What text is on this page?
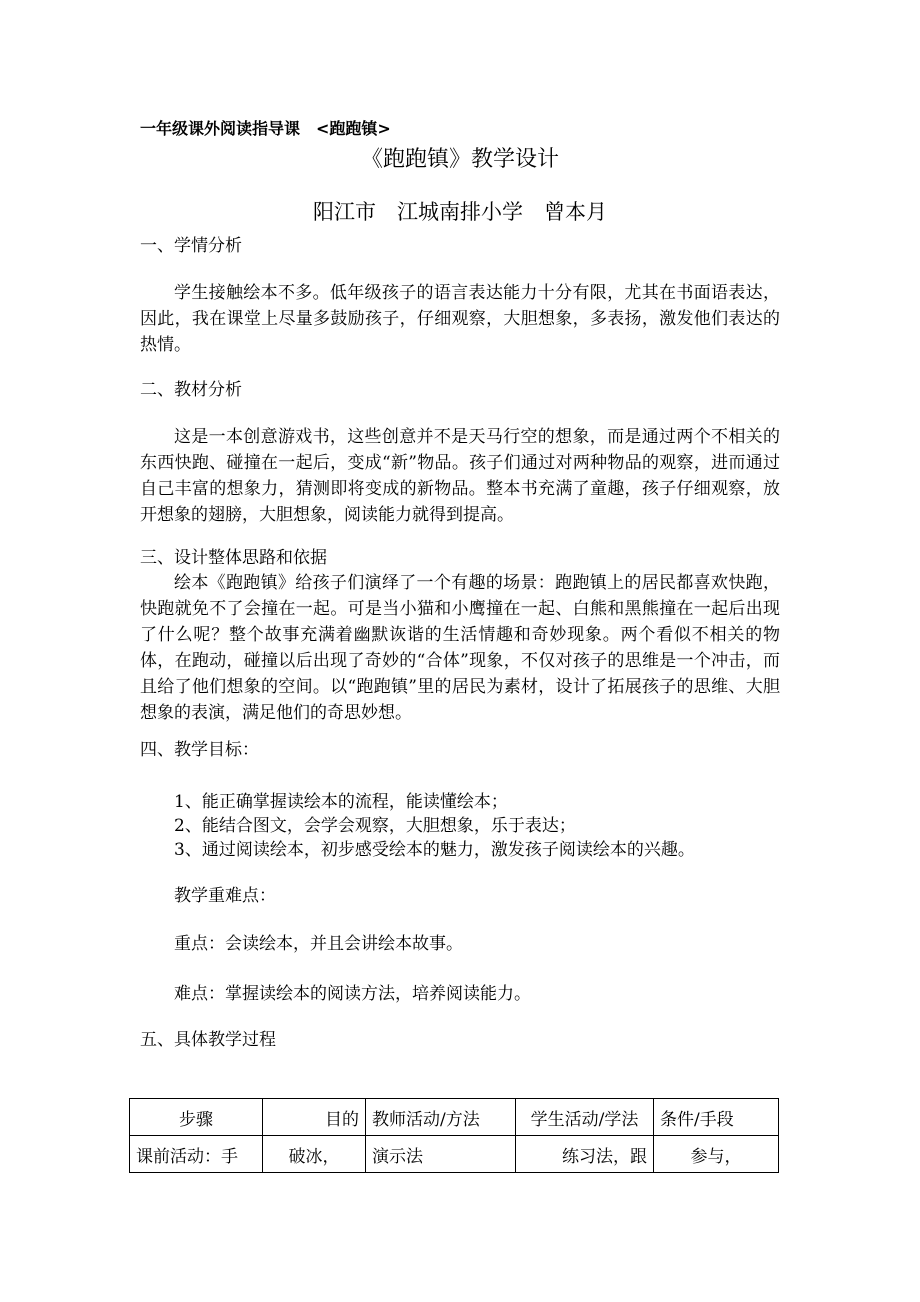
一年级课外阅读指导课　<跑跑镇>
《跑跑镇》教学设计
阳江市　江城南排小学　曾本月
一、学情分析

学生接触绘本不多。低年级孩子的语言表达能力十分有限，尤其在书面语表达，因此，我在课堂上尽量多鼓励孩子，仔细观察，大胆想象，多表扬，激发他们表达的热情。

二、教材分析

这是一本创意游戏书，这些创意并不是天马行空的想象，而是通过两个不相关的东西快跑、碰撞在一起后，变成“新”物品。孩子们通过对两种物品的观察，进而通过自己丰富的想象力，猜测即将变成的新物品。整本书充满了童趣，孩子仔细观察，放开想象的翅膀，大胆想象，阅读能力就得到提高。

三、设计整体思路和依据

绘本《跑跑镇》给孩子们演绎了一个有趣的场景：跑跑镇上的居民都喜欢快跑，快跑就免不了会撞在一起。可是当小猫和小鹰撞在一起、白熊和黑熊撞在一起后出现了什么呢？整个故事充满着幽默诙谐的生活情趣和奇妙现象。两个看似不相关的物体，在跑动，碰撞以后出现了奇妙的“合体”现象，不仅对孩子的思维是一个冲击，而且给了他们想象的空间。以“跑跑镇”里的居民为素材，设计了拓展孩子的思维、大胆想象的表演，满足他们的奇思妙想。

四、教学目标：
1、能正确掌握读绘本的流程，能读懂绘本；
2、能结合图文，会学会观察，大胆想象，乐于表达；
3、通过阅读绘本，初步感受绘本的魅力，激发孩子阅读绘本的兴趣。
教学重难点：
重点：会读绘本，并且会讲绘本故事。
难点：掌握读绘本的阅读方法，培养阅读能力。
五、具体教学过程
步骤	目的	教师活动/方法	学生活动/学法	条件/手段
课前活动：手	破冰，	演示法	练习法，跟	参与，
